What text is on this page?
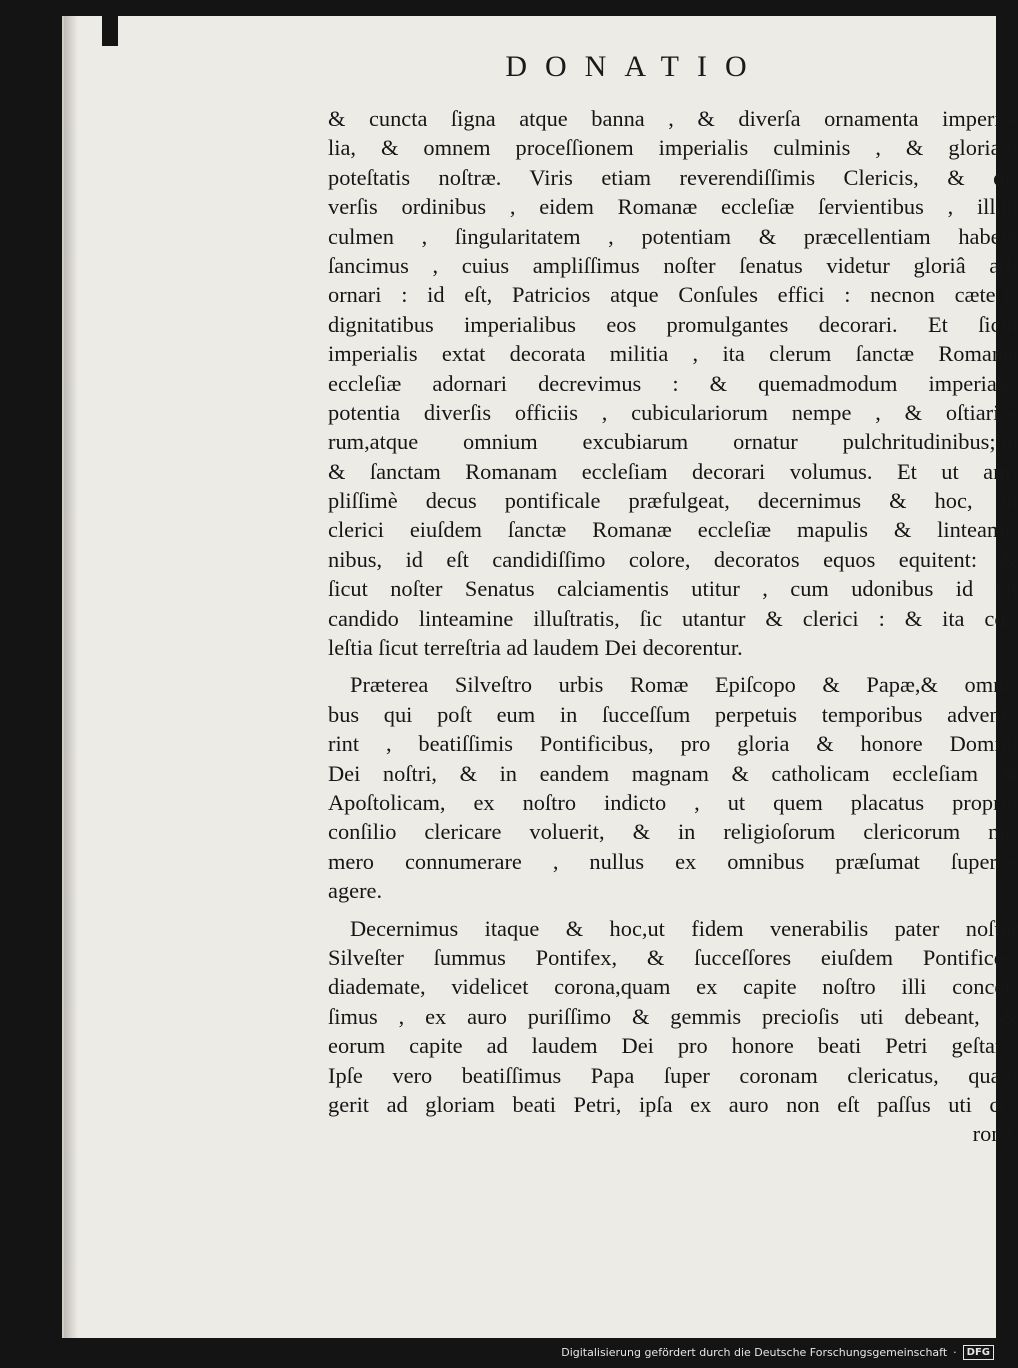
DONATIO
& cuncta ſigna atque banna , & diverſa ornamenta imperia-
lia, & omnem proceſſionem imperialis culminis , & gloriam
poteſtatis noſtræ. Viris etiam reverendiſſimis Clericis, & di-
verſis ordinibus , eidem Romanæ eccleſiæ ſervientibus , illud
culmen , ſingularitatem , potentiam & præcellentiam habere
ſancimus , cuius ampliſſimus noſter ſenatus videtur gloriâ ad-
ornari : id eſt, Patricios atque Conſules effici : necnon cæteris
dignitatibus imperialibus eos promulgantes decorari. Et ſicut
imperialis extat decorata militia , ita clerum ſanctæ Romanæ
eccleſiæ adornari decrevimus : & quemadmodum imperialis
potentia diverſis officiis , cubiculariorum nempe , & oſtiario-
rum,atque omnium excubiarum ornatur pulchritudinibus;ita
& ſanctam Romanam eccleſiam decorari volumus. Et ut am-
pliſſimè decus pontificale præfulgeat, decernimus & hoc, ut
clerici eiuſdem ſanctæ Romanæ eccleſiæ mapulis & linteami-
nibus, id eſt candidiſſimo colore, decoratos equos equitent: &
ſicut noſter Senatus calciamentis utitur , cum udonibus id eſt
candido linteamine illuſtratis, ſic utantur & clerici : & ita cœ-
leſtia ſicut terreſtria ad laudem Dei decorentur.
Præterea Silveſtro urbis Romæ Epiſcopo & Papæ,& omni-
bus qui poſt eum in ſucceſſum perpetuis temporibus advene-
rint , beatiſſimis Pontificibus, pro gloria & honore Domini
Dei noſtri, & in eandem magnam & catholicam eccleſiam &
Apoſtolicam, ex noſtro indicto , ut quem placatus proprio
conſilio clericare voluerit, & in religioſorum clericorum nu-
mero connumerare , nullus ex omnibus præſumat ſuperbè
agere.
Decernimus itaque & hoc,ut fidem venerabilis pater noſter
Silveſter ſummus Pontifex, & ſucceſſores eiuſdem Pontifices,
diademate, videlicet corona,quam ex capite noſtro illi conceſ-
ſimus , ex auro puriſſimo & gemmis precioſis uti debeant, &
eorum capite ad laudem Dei pro honore beati Petri geſtare.
Ipſe vero beatiſſimus Papa ſuper coronam clericatus, quam
gerit ad gloriam beati Petri, ipſa ex auro non eſt paſſus uti co-
rona.
Digitalisierung gefördert durch die Deutsche Forschungsgemeinschaft ·	DFG
